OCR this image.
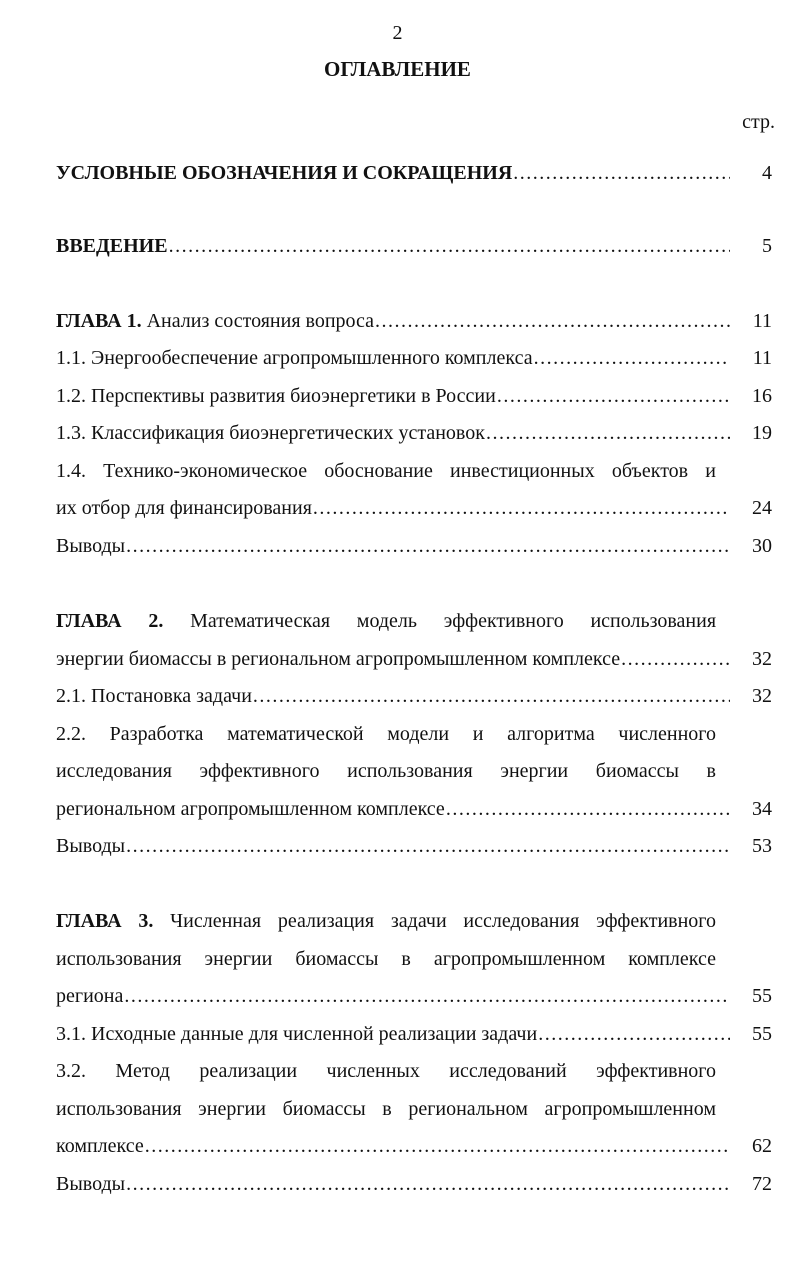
2
ОГЛАВЛЕНИЕ
стр.
УСЛОВНЫЕ ОБОЗНАЧЕНИЯ И СОКРАЩЕНИЯ .....	4
ВВЕДЕНИЕ .....	5
ГЛАВА 1. Анализ состояния вопроса .....	11
1.1. Энергообеспечение агропромышленного комплекса .....	11
1.2. Перспективы развития биоэнергетики в России .....	16
1.3. Классификация биоэнергетических установок .....	19
1.4. Технико-экономическое обоснование инвестиционных объектов и
их отбор для финансирования .....	24
Выводы .....	30
ГЛАВА 2. Математическая модель эффективного использования
энергии биомассы в региональном агропромышленном комплексе .....	32
2.1. Постановка задачи .....	32
2.2. Разработка математической модели и алгоритма численного
исследования эффективного использования энергии биомассы в
региональном агропромышленном комплексе .....	34
Выводы .....	53
ГЛАВА 3. Численная реализация задачи исследования эффективного
использования энергии биомассы в агропромышленном комплексе
региона .....	55
3.1. Исходные данные для численной реализации задачи .....	55
3.2. Метод реализации численных исследований эффективного
использования энергии биомассы в региональном агропромышленном
комплексе .....	62
Выводы .....	72
